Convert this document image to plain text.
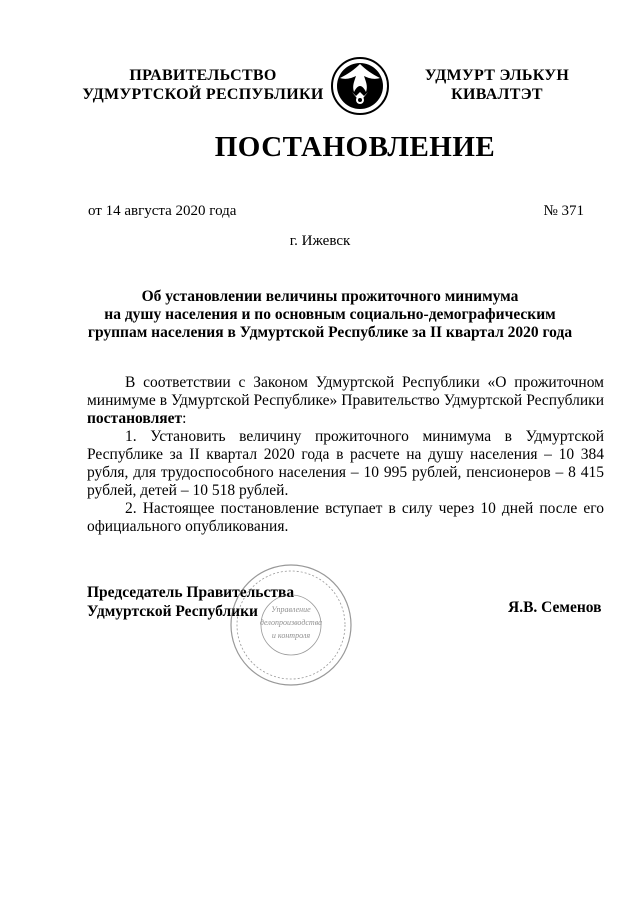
ПРАВИТЕЛЬСТВО
УДМУРТСКОЙ РЕСПУБЛИКИ
УДМУРТ ЭЛЬКУН
КИВАЛТЭТ
ПОСТАНОВЛЕНИЕ
от 14 августа 2020 года	№ 371
г. Ижевск
Об установлении величины прожиточного минимума
на душу населения и по основным социально-демографическим
группам населения в Удмуртской Республике за II квартал 2020 года

В соответствии с Законом Удмуртской Республики «О прожиточном минимуме в Удмуртской Республике» Правительство Удмуртской Республики постановляет:

1. Установить величину прожиточного минимума в Удмуртской Республике за II квартал 2020 года в расчете на душу населения – 10 384 рубля, для трудоспособного населения – 10 995 рублей, пенсионеров – 8 415 рублей, детей – 10 518 рублей.

2. Настоящее постановление вступает в силу через 10 дней после его официального опубликования.

Председатель Правительства
Удмуртской Республики	Я.В. Семенов
Управление
делопроизводства
и контроля
